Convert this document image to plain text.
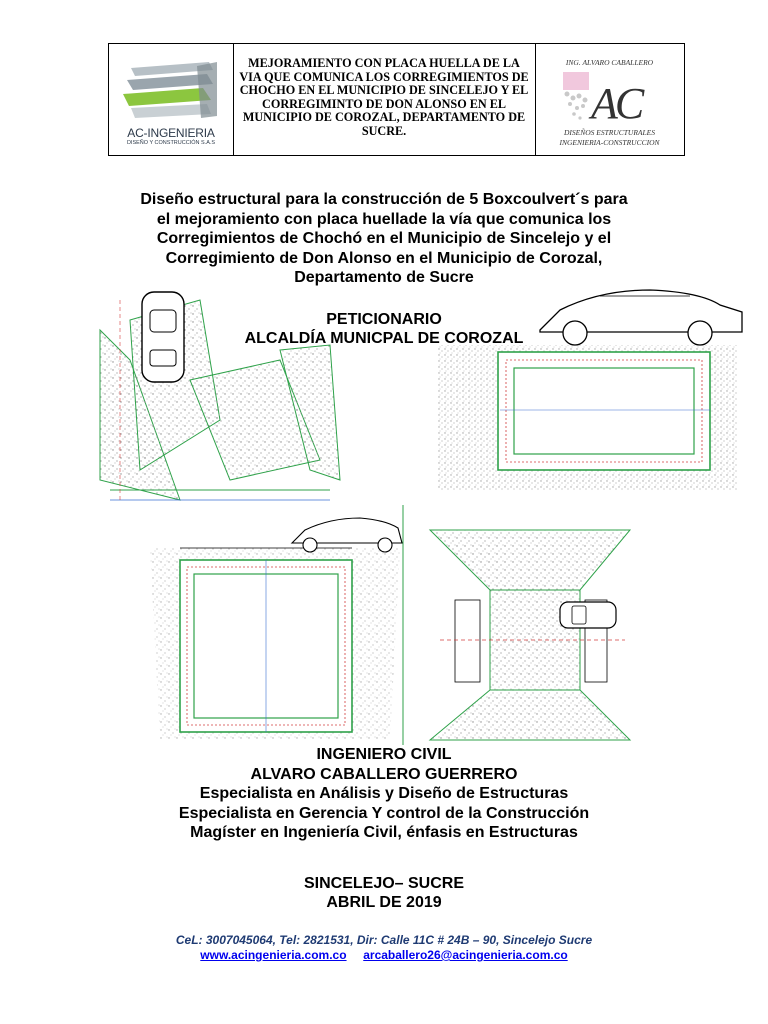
AC-INGENIERIA
DISEÑO Y CONSTRUCCIÓN S.A.S
MEJORAMIENTO CON PLACA HUELLA DE LA VIA QUE COMUNICA LOS CORREGIMIENTOS DE CHOCHO EN EL MUNICIPIO DE SINCELEJO Y EL CORREGIMINTO DE DON ALONSO EN EL MUNICIPIO DE COROZAL, DEPARTAMENTO DE SUCRE.
ING. ALVARO CABALLERO
AC
DISEÑOS ESTRUCTURALES
INGENIERIA-CONSTRUCCION
Diseño estructural para la construcción de 5 Boxcoulvert´s para
el mejoramiento con placa huellade la vía que comunica los
Corregimientos de Chochó en el Municipio de Sincelejo y el
Corregimiento de Don Alonso en el Municipio de Corozal,
Departamento de Sucre
PETICIONARIO
ALCALDÍA MUNICPAL DE COROZAL
INGENIERO CIVIL
ALVARO CABALLERO GUERRERO
Especialista en Análisis y Diseño de Estructuras
Especialista en Gerencia Y control de la Construcción
Magíster en Ingeniería Civil, énfasis en Estructuras
SINCELEJO– SUCRE
ABRIL DE 2019
CeL: 3007045064, Tel: 2821531, Dir: Calle 11C # 24B – 90, Sincelejo Sucre
www.acingenieria.com.co arcaballero26@acingenieria.com.co
